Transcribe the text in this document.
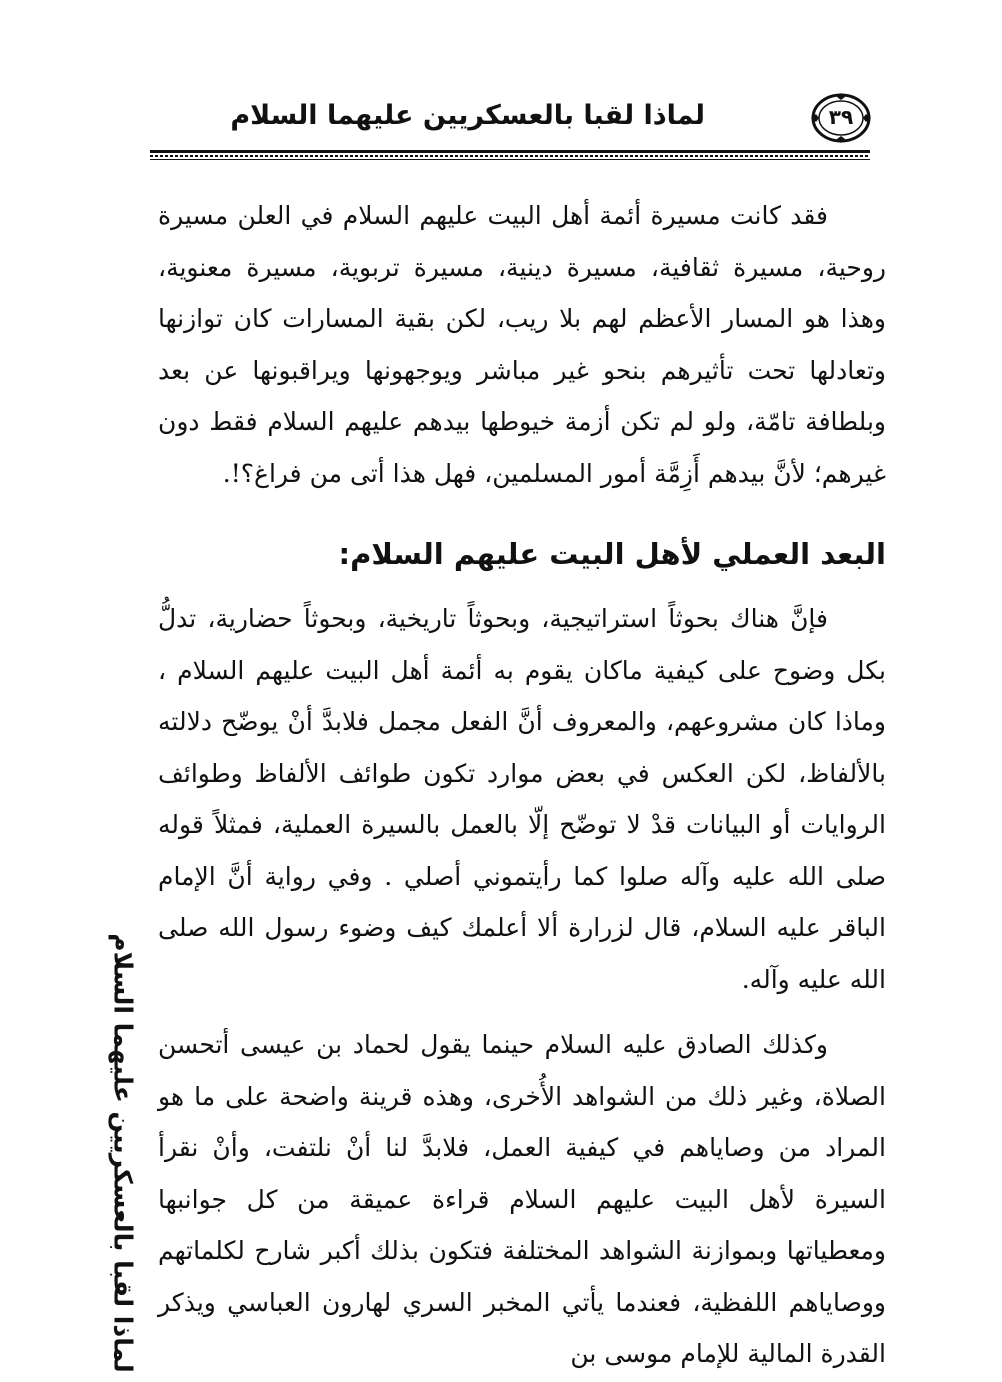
لماذا لقبا بالعسكريين عليهما السلام	٣٩

فقد كانت مسيرة أئمة أهل البيت عليهم السلام في العلن مسيرة روحية، مسيرة ثقافية، مسيرة دينية، مسيرة تربوية، مسيرة معنوية، وهذا هو المسار الأعظم لهم بلا ريب، لكن بقية المسارات كان توازنها وتعادلها تحت تأثيرهم بنحو غير مباشر ويوجهونها ويراقبونها عن بعد وبلطافة تامّة، ولو لم تكن أزمة خيوطها بيدهم عليهم السلام فقط دون غيرهم؛ لأنَّ بيدهم أَزِمَّة أمور المسلمين، فهل هذا أتى من فراغ؟!.

البعد العملي لأهل البيت عليهم السلام:

فإنَّ هناك بحوثاً استراتيجية، وبحوثاً تاريخية، وبحوثاً حضارية، تدلُّ بكل وضوح على كيفية ماكان يقوم به أئمة أهل البيت عليهم السلام ، وماذا كان مشروعهم، والمعروف أنَّ الفعل مجمل فلابدَّ أنْ يوضّح دلالته بالألفاظ، لكن العكس في بعض موارد تكون طوائف الألفاظ وطوائف الروايات أو البيانات قدْ لا توضّح إلّا بالعمل بالسيرة العملية، فمثلاً قوله صلى الله عليه وآله صلوا كما رأيتموني أصلي . وفي رواية أنَّ الإمام الباقر عليه السلام، قال لزرارة ألا أعلمك كيف وضوء رسول الله صلى الله عليه وآله.

وكذلك الصادق عليه السلام حينما يقول لحماد بن عيسى أتحسن الصلاة، وغير ذلك من الشواهد الأُخرى، وهذه قرينة واضحة على ما هو المراد من وصاياهم في كيفية العمل، فلابدَّ لنا أنْ نلتفت، وأنْ نقرأ السيرة لأهل البيت عليهم السلام قراءة عميقة من كل جوانبها ومعطياتها وبموازنة الشواهد المختلفة فتكون بذلك أكبر شارح لكلماتهم ووصاياهم اللفظية، فعندما يأتي المخبر السري لهارون العباسي ويذكر القدرة المالية للإمام موسى بن

لماذا لقبا بالعسكريين عليهما السلام
